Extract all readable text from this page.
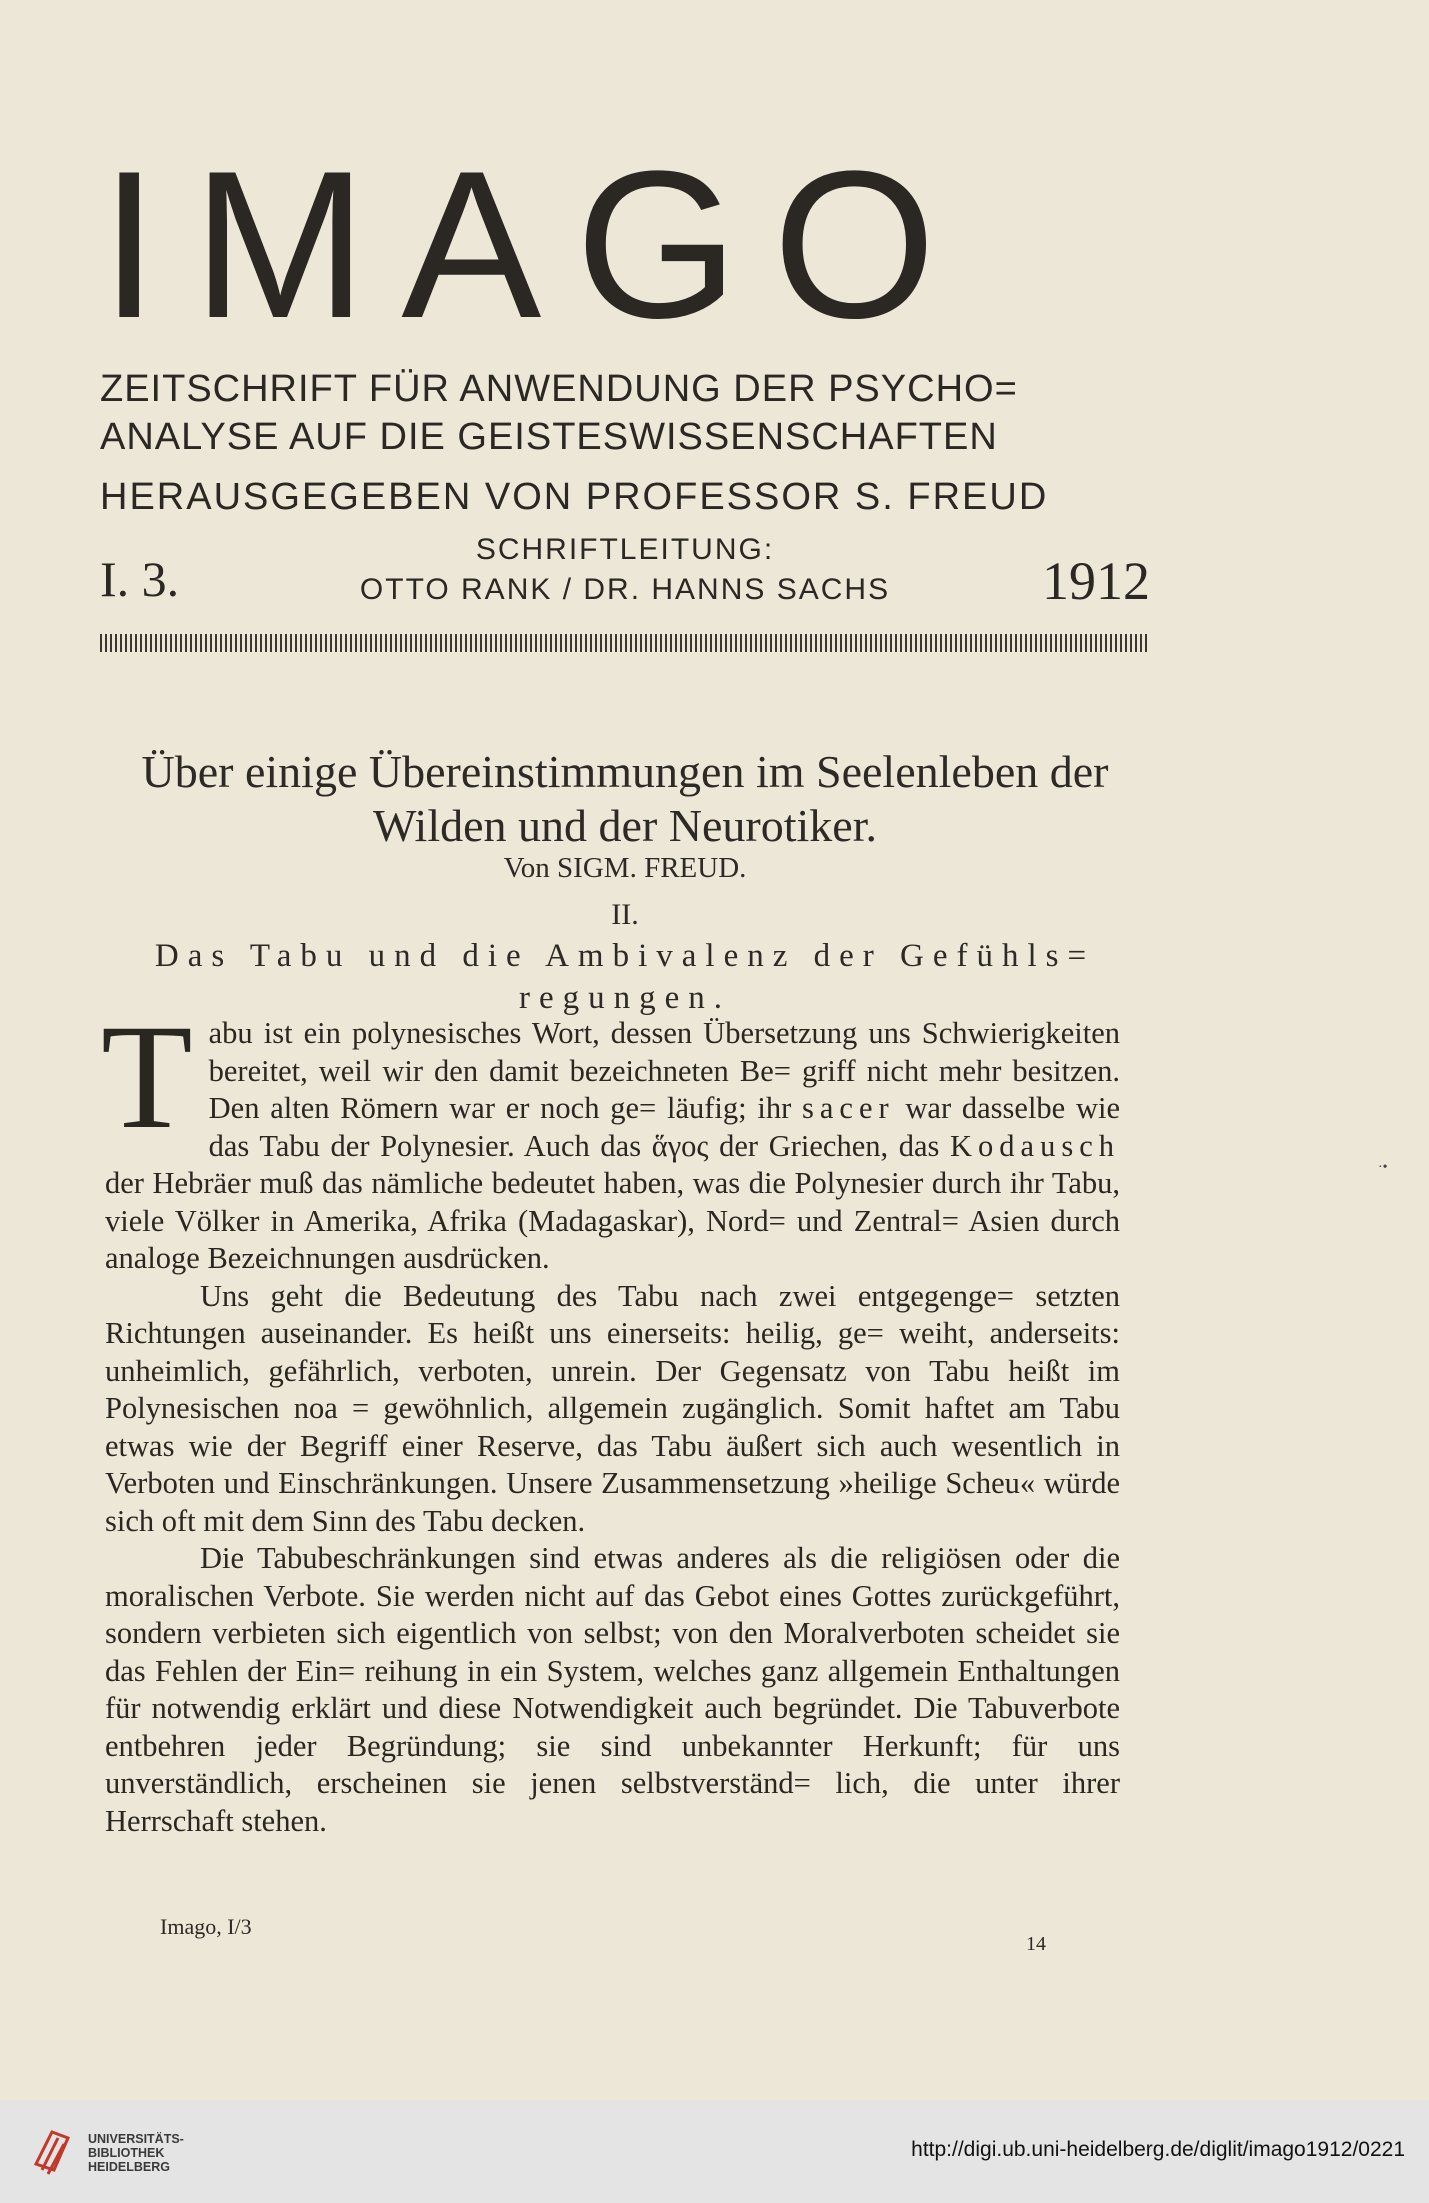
IMAGO
ZEITSCHRIFT FÜR ANWENDUNG DER PSYCHO=
ANALYSE AUF DIE GEISTESWISSENSCHAFTEN
HERAUSGEGEBEN VON PROFESSOR S. FREUD
I. 3.
SCHRIFTLEITUNG:
OTTO RANK / DR. HANNS SACHS	1912
Über einige Übereinstimmungen im Seelenleben der
Wilden und der Neurotiker.
Von SIGM. FREUD.
II.
Das Tabu und die Ambivalenz der Gefühls=
regungen.

Tabu ist ein polynesisches Wort, dessen Übersetzung uns Schwierigkeiten bereitet, weil wir den damit bezeichneten Be= griff nicht mehr besitzen. Den alten Römern war er noch ge= läufig; ihr sacer war dasselbe wie das Tabu der Polynesier. Auch das ἅγος der Griechen, das Kodausch der Hebräer muß das nämliche bedeutet haben, was die Polynesier durch ihr Tabu, viele Völker in Amerika, Afrika (Madagaskar), Nord= und Zentral= Asien durch analoge Bezeichnungen ausdrücken.

Uns geht die Bedeutung des Tabu nach zwei entgegenge= setzten Richtungen auseinander. Es heißt uns einerseits: heilig, ge= weiht, anderseits: unheimlich, gefährlich, verboten, unrein. Der Gegensatz von Tabu heißt im Polynesischen noa = gewöhnlich, allgemein zugänglich. Somit haftet am Tabu etwas wie der Begriff einer Reserve, das Tabu äußert sich auch wesentlich in Verboten und Einschränkungen. Unsere Zusammensetzung »heilige Scheu« würde sich oft mit dem Sinn des Tabu decken.

Die Tabubeschränkungen sind etwas anderes als die religiösen oder die moralischen Verbote. Sie werden nicht auf das Gebot eines Gottes zurückgeführt, sondern verbieten sich eigentlich von selbst; von den Moralverboten scheidet sie das Fehlen der Ein= reihung in ein System, welches ganz allgemein Enthaltungen für notwendig erklärt und diese Notwendigkeit auch begründet. Die Tabuverbote entbehren jeder Begründung; sie sind unbekannter Herkunft; für uns unverständlich, erscheinen sie jenen selbstverständ= lich, die unter ihrer Herrschaft stehen.

·•
Imago, I/3
14
UNIVERSITÄTS-
BIBLIOTHEK
HEIDELBERG
http://digi.ub.uni-heidelberg.de/diglit/imago1912/0221
